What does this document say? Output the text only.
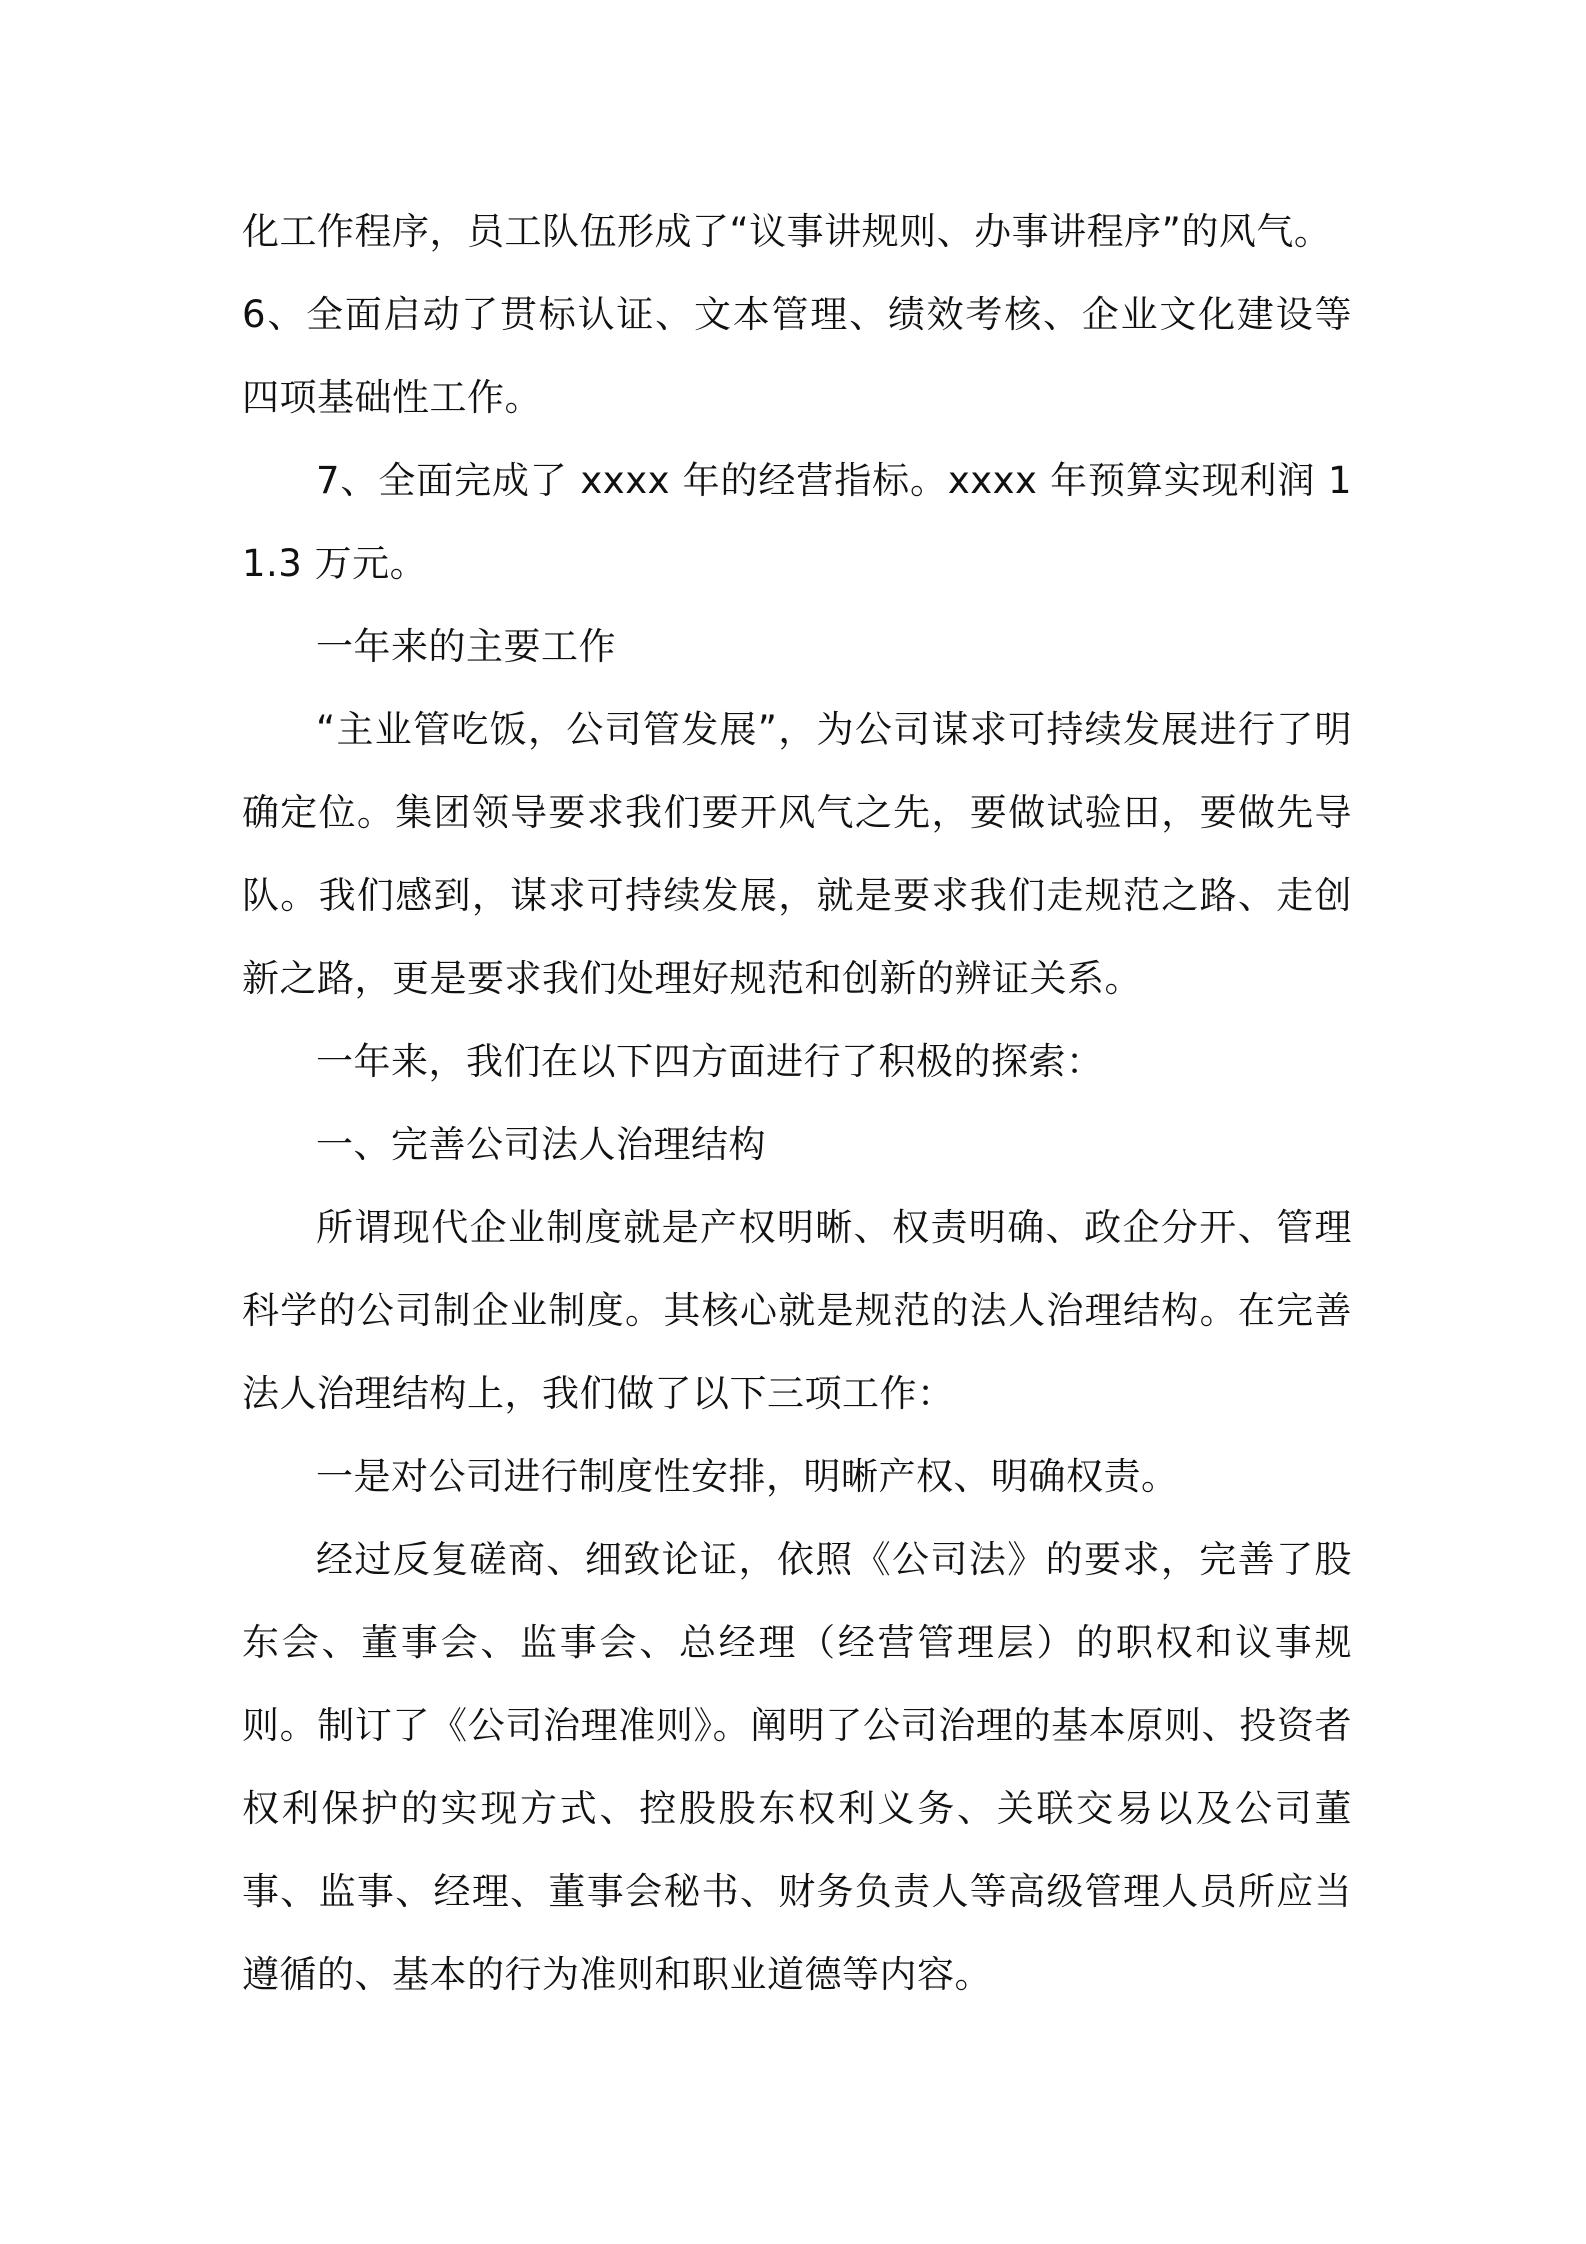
化工作程序，员工队伍形成了“议事讲规则、办事讲程序”的风气。

6、全面启动了贯标认证、文本管理、绩效考核、企业文化建设等四项基础性工作。

7、全面完成了 xxxx 年的经营指标。xxxx 年预算实现利润 11.3 万元。

一年来的主要工作

“主业管吃饭，公司管发展”，为公司谋求可持续发展进行了明确定位。集团领导要求我们要开风气之先，要做试验田，要做先导队。我们感到，谋求可持续发展，就是要求我们走规范之路、走创新之路，更是要求我们处理好规范和创新的辨证关系。

一年来，我们在以下四方面进行了积极的探索：

一、完善公司法人治理结构

所谓现代企业制度就是产权明晰、权责明确、政企分开、管理科学的公司制企业制度。其核心就是规范的法人治理结构。在完善法人治理结构上，我们做了以下三项工作：

一是对公司进行制度性安排，明晰产权、明确权责。

经过反复磋商、细致论证，依照《公司法》的要求，完善了股东会、董事会、监事会、总经理（经营管理层）的职权和议事规则。制订了《公司治理准则》。阐明了公司治理的基本原则、投资者权利保护的实现方式、控股股东权利义务、关联交易以及公司董事、监事、经理、董事会秘书、财务负责人等高级管理人员所应当遵循的、基本的行为准则和职业道德等内容。
